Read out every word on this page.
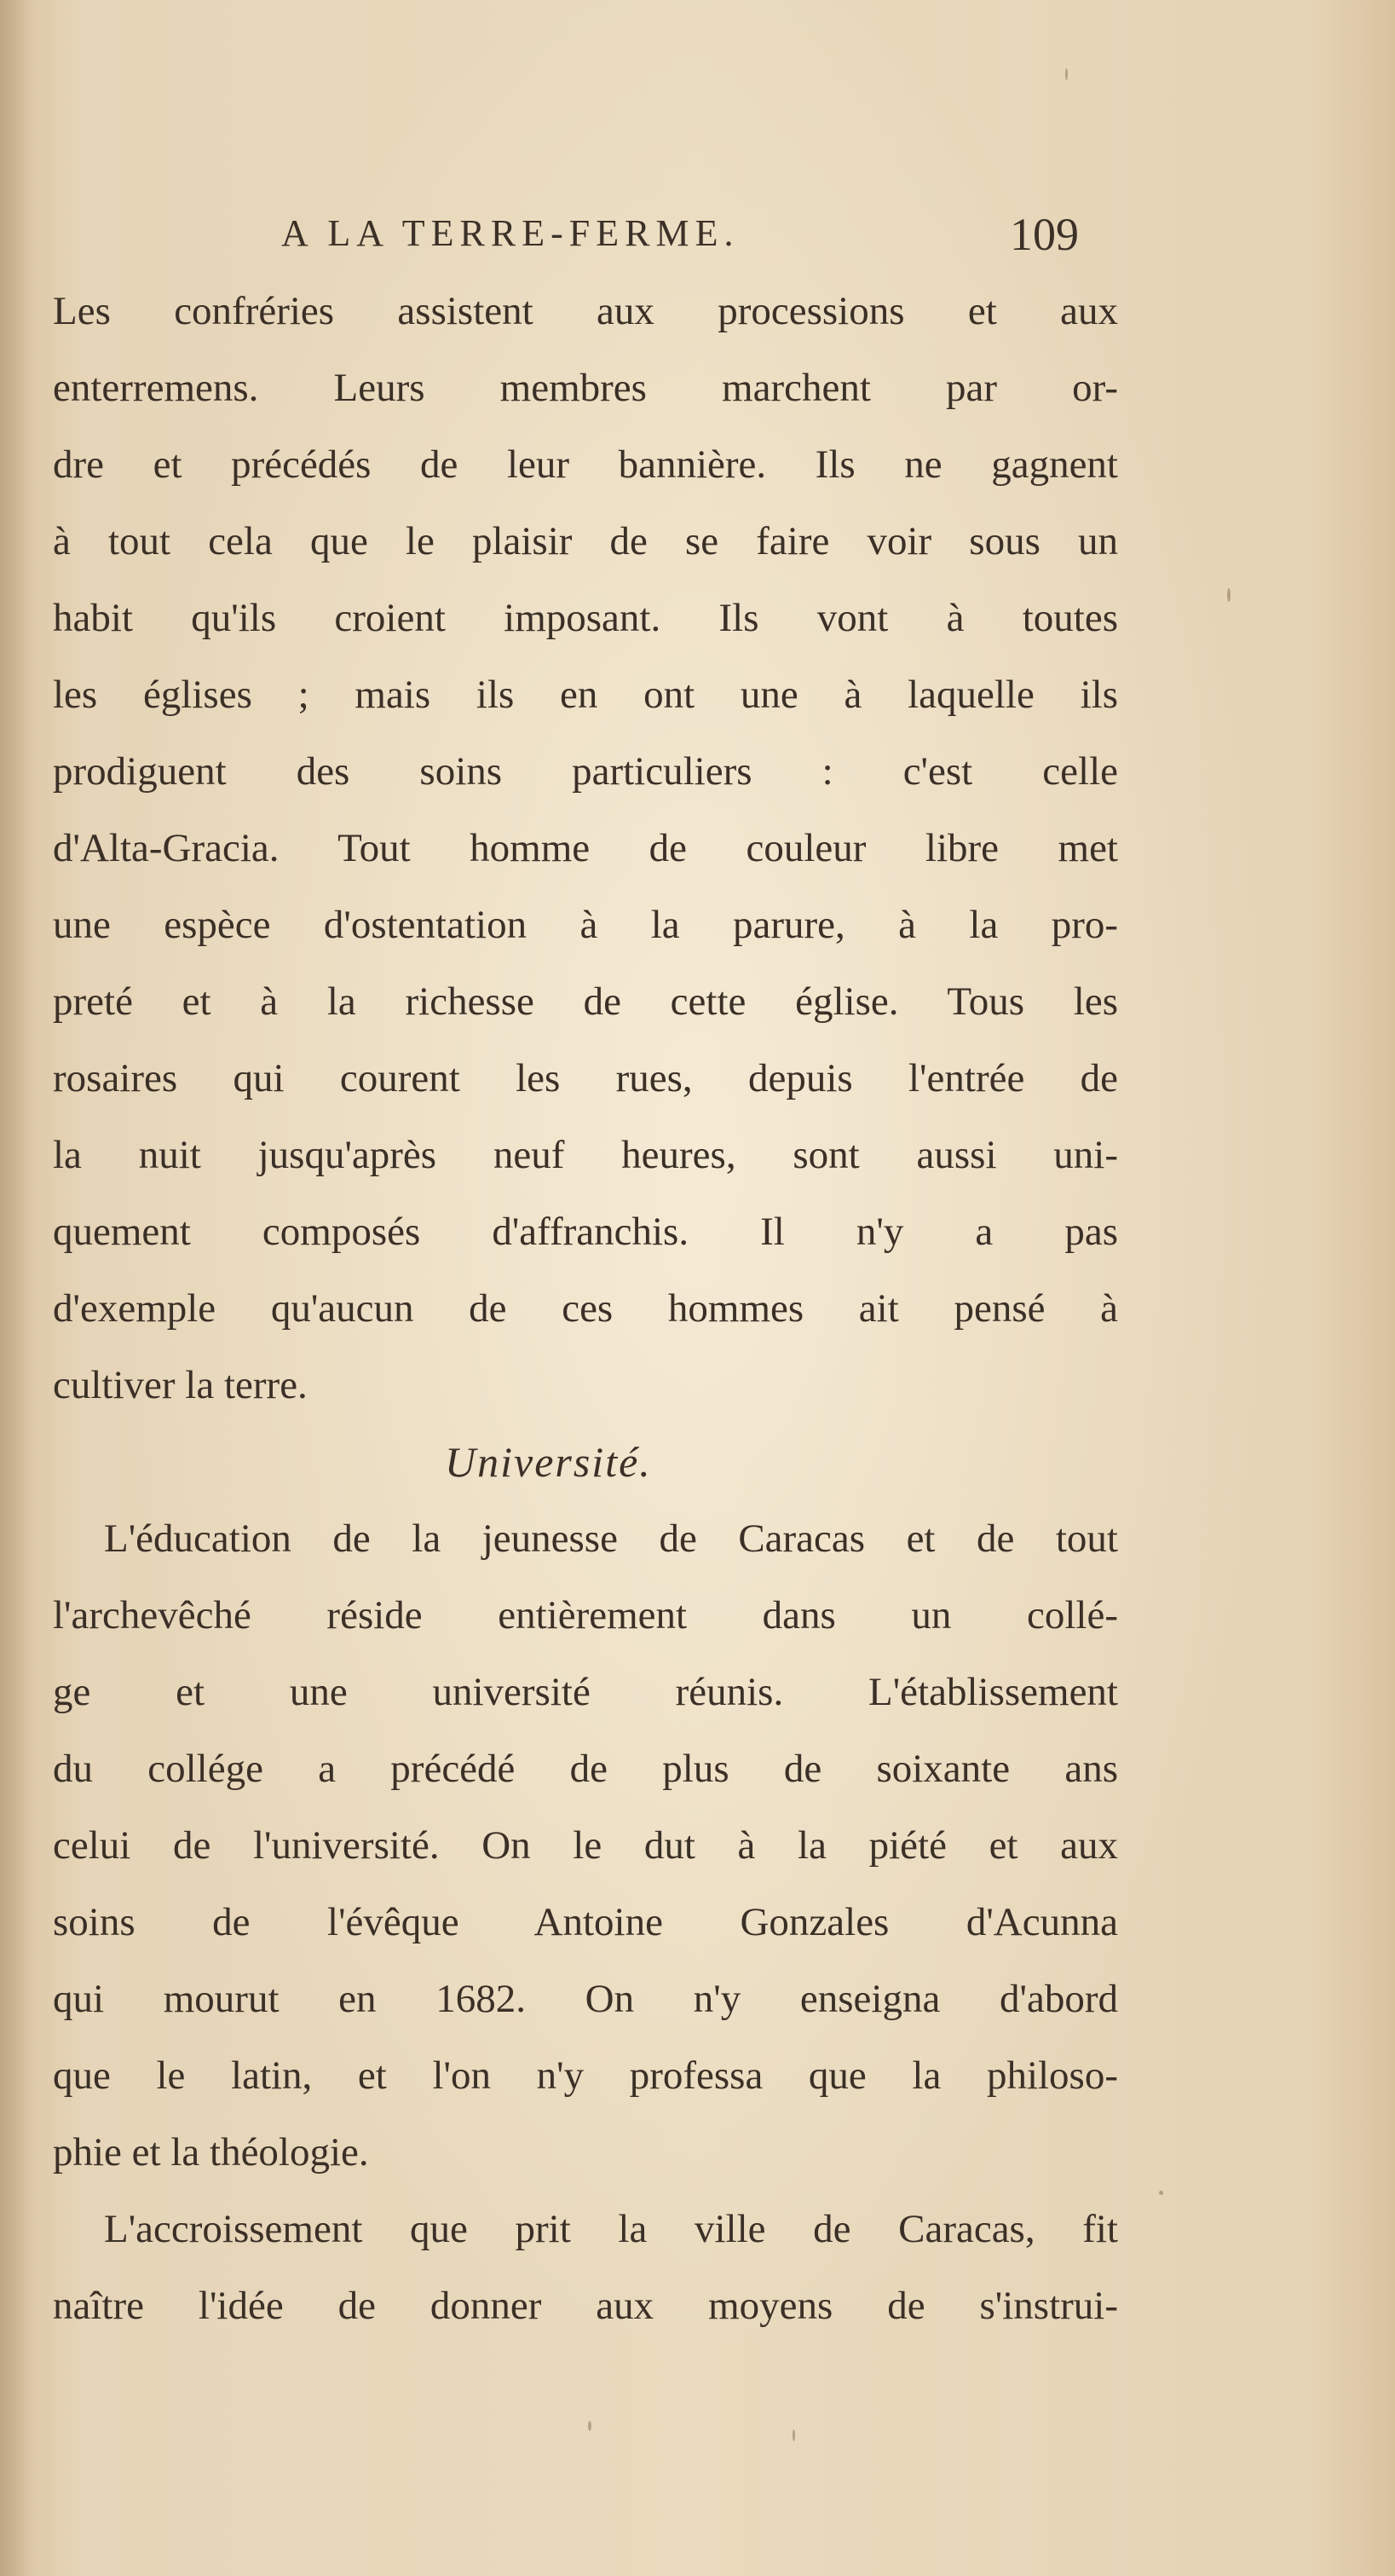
A LA TERRE-FERME.	109
Les confréries assistent aux processions et aux
enterremens. Leurs membres marchent par or-
dre et précédés de leur bannière. Ils ne gagnent
à tout cela que le plaisir de se faire voir sous un
habit qu'ils croient imposant. Ils vont à toutes
les églises ; mais ils en ont une à laquelle ils
prodiguent des soins particuliers : c'est celle
d'Alta-Gracia. Tout homme de couleur libre met
une espèce d'ostentation à la parure, à la pro-
preté et à la richesse de cette église. Tous les
rosaires qui courent les rues, depuis l'entrée de
la nuit jusqu'après neuf heures, sont aussi uni-
quement composés d'affranchis. Il n'y a pas
d'exemple qu'aucun de ces hommes ait pensé à
cultiver la terre.
Université.
L'éducation de la jeunesse de Caracas et de tout
l'archevêché réside entièrement dans un collé-
ge et une université réunis. L'établissement
du collége a précédé de plus de soixante ans
celui de l'université. On le dut à la piété et aux
soins de l'évêque Antoine Gonzales d'Acunna
qui mourut en 1682. On n'y enseigna d'abord
que le latin, et l'on n'y professa que la philoso-
phie et la théologie.
L'accroissement que prit la ville de Caracas, fit
naître l'idée de donner aux moyens de s'instrui-
